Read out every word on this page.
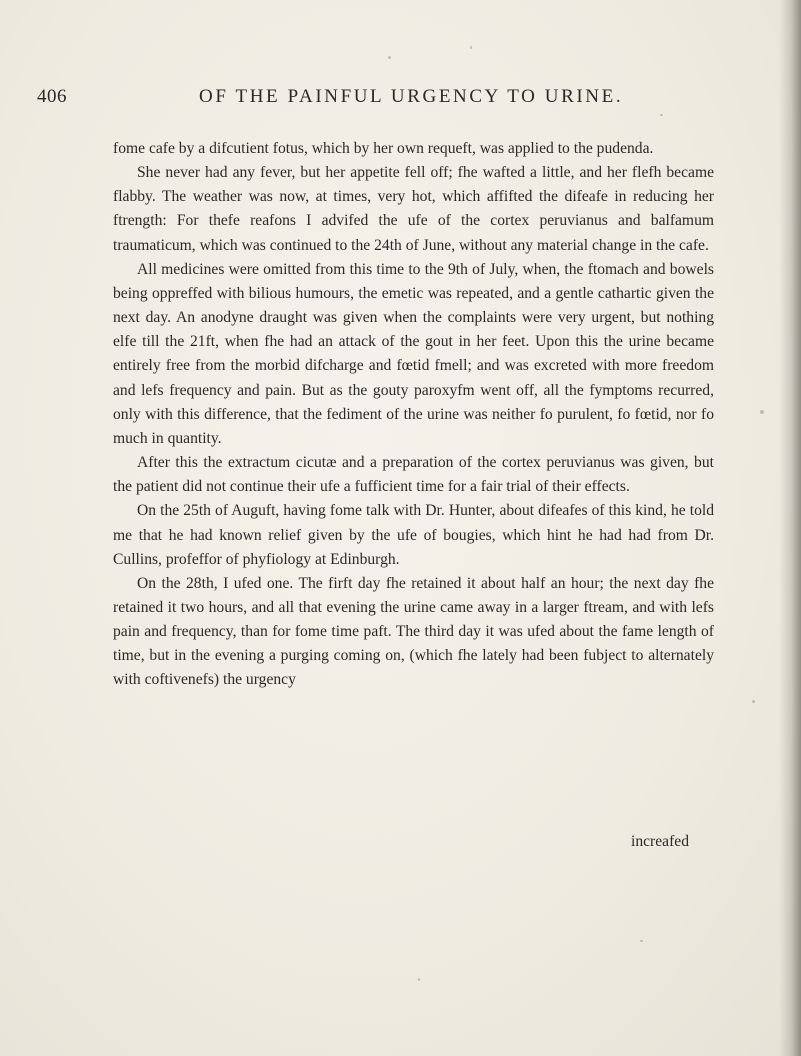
406	OF THE PAINFUL URGENCY TO URINE.

fome cafe by a difcutient fotus, which by her own requeft, was applied to the pudenda.

She never had any fever, but her appetite fell off; fhe wafted a little, and her flefh became flabby. The weather was now, at times, very hot, which affifted the difeafe in reducing her ftrength: For thefe reafons I advifed the ufe of the cortex peruvianus and balfamum traumaticum, which was continued to the 24th of June, without any material change in the cafe.

All medicines were omitted from this time to the 9th of July, when, the ftomach and bowels being oppreffed with bilious humours, the emetic was repeated, and a gentle cathartic given the next day. An anodyne draught was given when the complaints were very urgent, but nothing elfe till the 21ft, when fhe had an attack of the gout in her feet. Upon this the urine became entirely free from the morbid difcharge and fœtid fmell; and was excreted with more freedom and lefs frequency and pain. But as the gouty paroxyfm went off, all the fymptoms recurred, only with this difference, that the fediment of the urine was neither fo purulent, fo fœtid, nor fo much in quantity.

After this the extractum cicutæ and a preparation of the cortex peruvianus was given, but the patient did not continue their ufe a fufficient time for a fair trial of their effects.

On the 25th of Auguft, having fome talk with Dr. Hunter, about difeafes of this kind, he told me that he had known relief given by the ufe of bougies, which hint he had had from Dr. Cullins, profeffor of phyfiology at Edinburgh.

On the 28th, I ufed one. The firft day fhe retained it about half an hour; the next day fhe retained it two hours, and all that evening the urine came away in a larger ftream, and with lefs pain and frequency, than for fome time paft. The third day it was ufed about the fame length of time, but in the evening a purging coming on, (which fhe lately had been fubject to alternately with coftivenefs) the urgency

increafed
